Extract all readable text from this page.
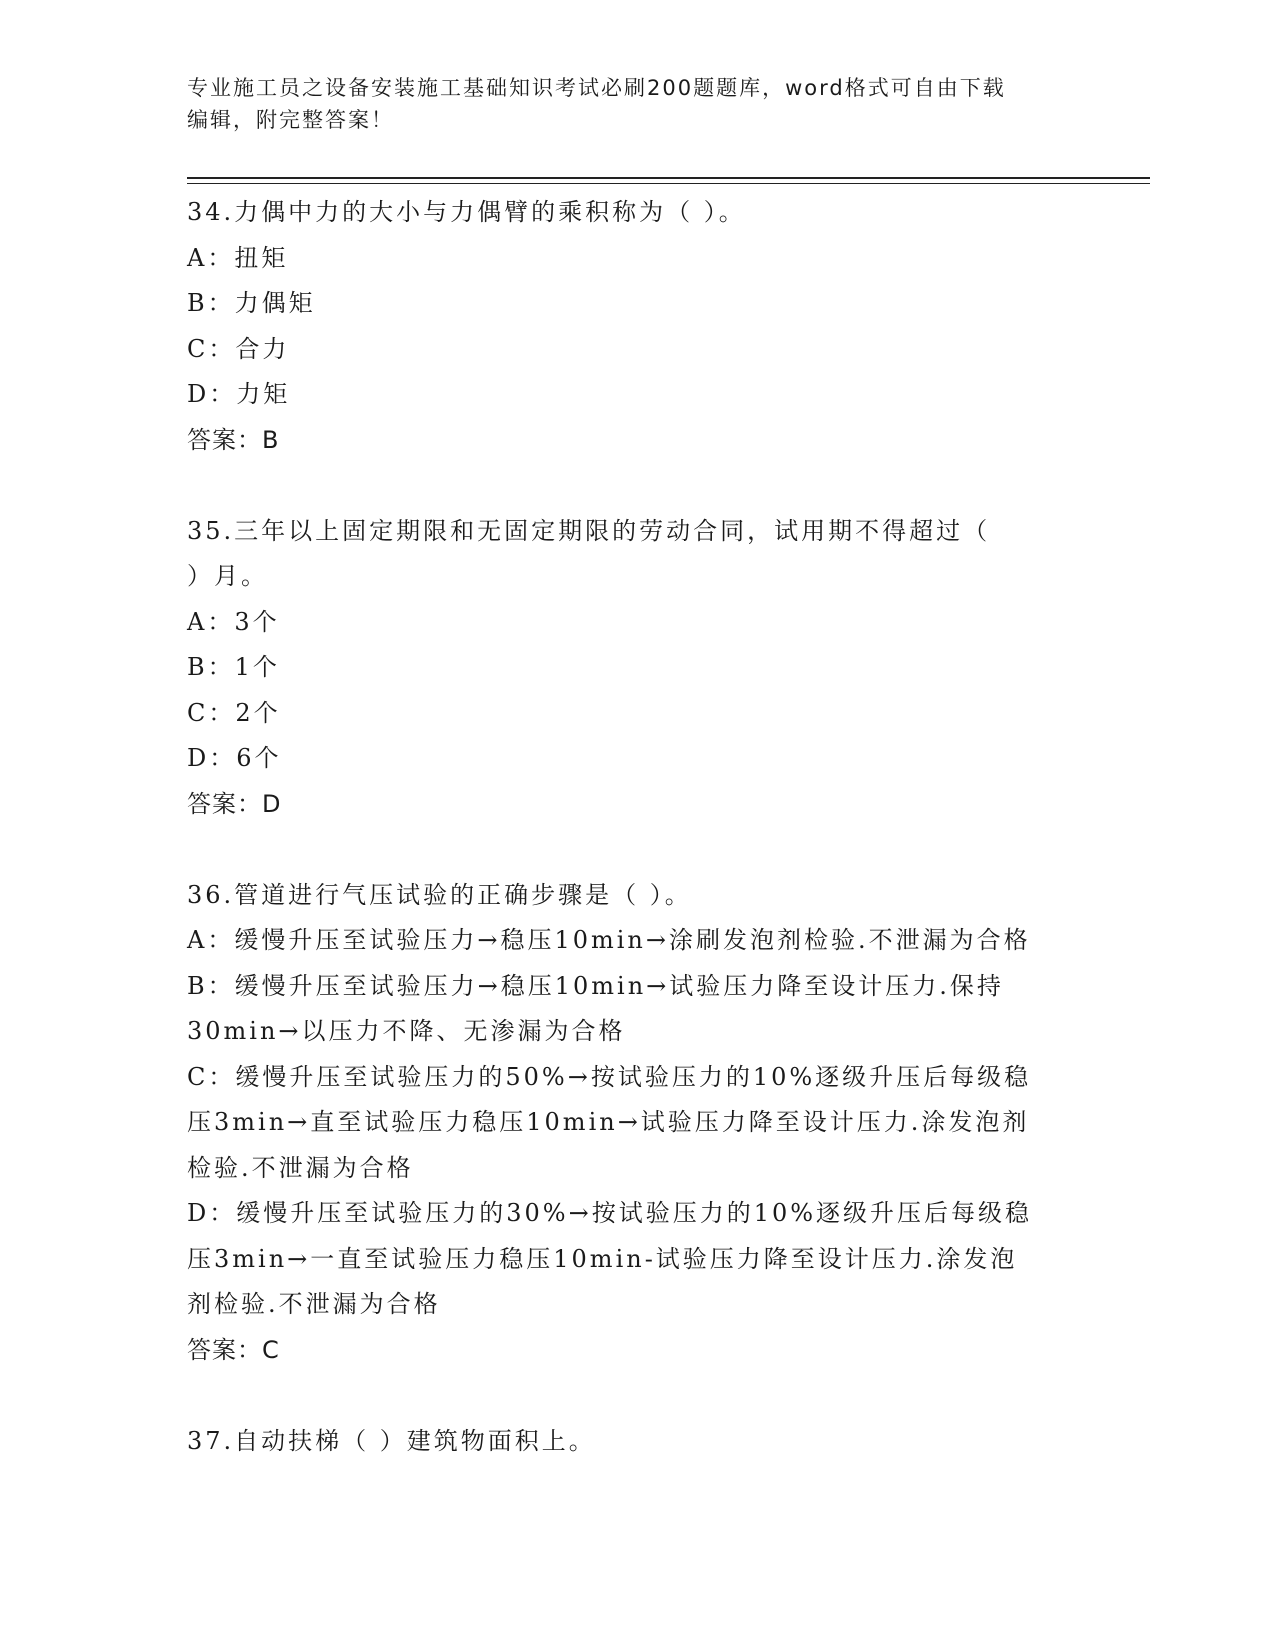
专业施工员之设备安装施工基础知识考试必刷200题题库，word格式可自由下载
编辑，附完整答案！

34.力偶中力的大小与力偶臂的乘积称为（ ）。

A：扭矩

B：力偶矩

C：合力

D：力矩

答案：B

35.三年以上固定期限和无固定期限的劳动合同，试用期不得超过（

）月。

A：3个

B：1个

C：2个

D：6个

答案：D

36.管道进行气压试验的正确步骤是（ ）。

A：缓慢升压至试验压力→稳压10min→涂刷发泡剂检验.不泄漏为合格

B：缓慢升压至试验压力→稳压10min→试验压力降至设计压力.保持

30min→以压力不降、无渗漏为合格

C：缓慢升压至试验压力的50%→按试验压力的10%逐级升压后每级稳

压3min→直至试验压力稳压10min→试验压力降至设计压力.涂发泡剂

检验.不泄漏为合格

D：缓慢升压至试验压力的30%→按试验压力的10%逐级升压后每级稳

压3min→一直至试验压力稳压10min-试验压力降至设计压力.涂发泡

剂检验.不泄漏为合格

答案：C

37.自动扶梯（ ）建筑物面积上。
